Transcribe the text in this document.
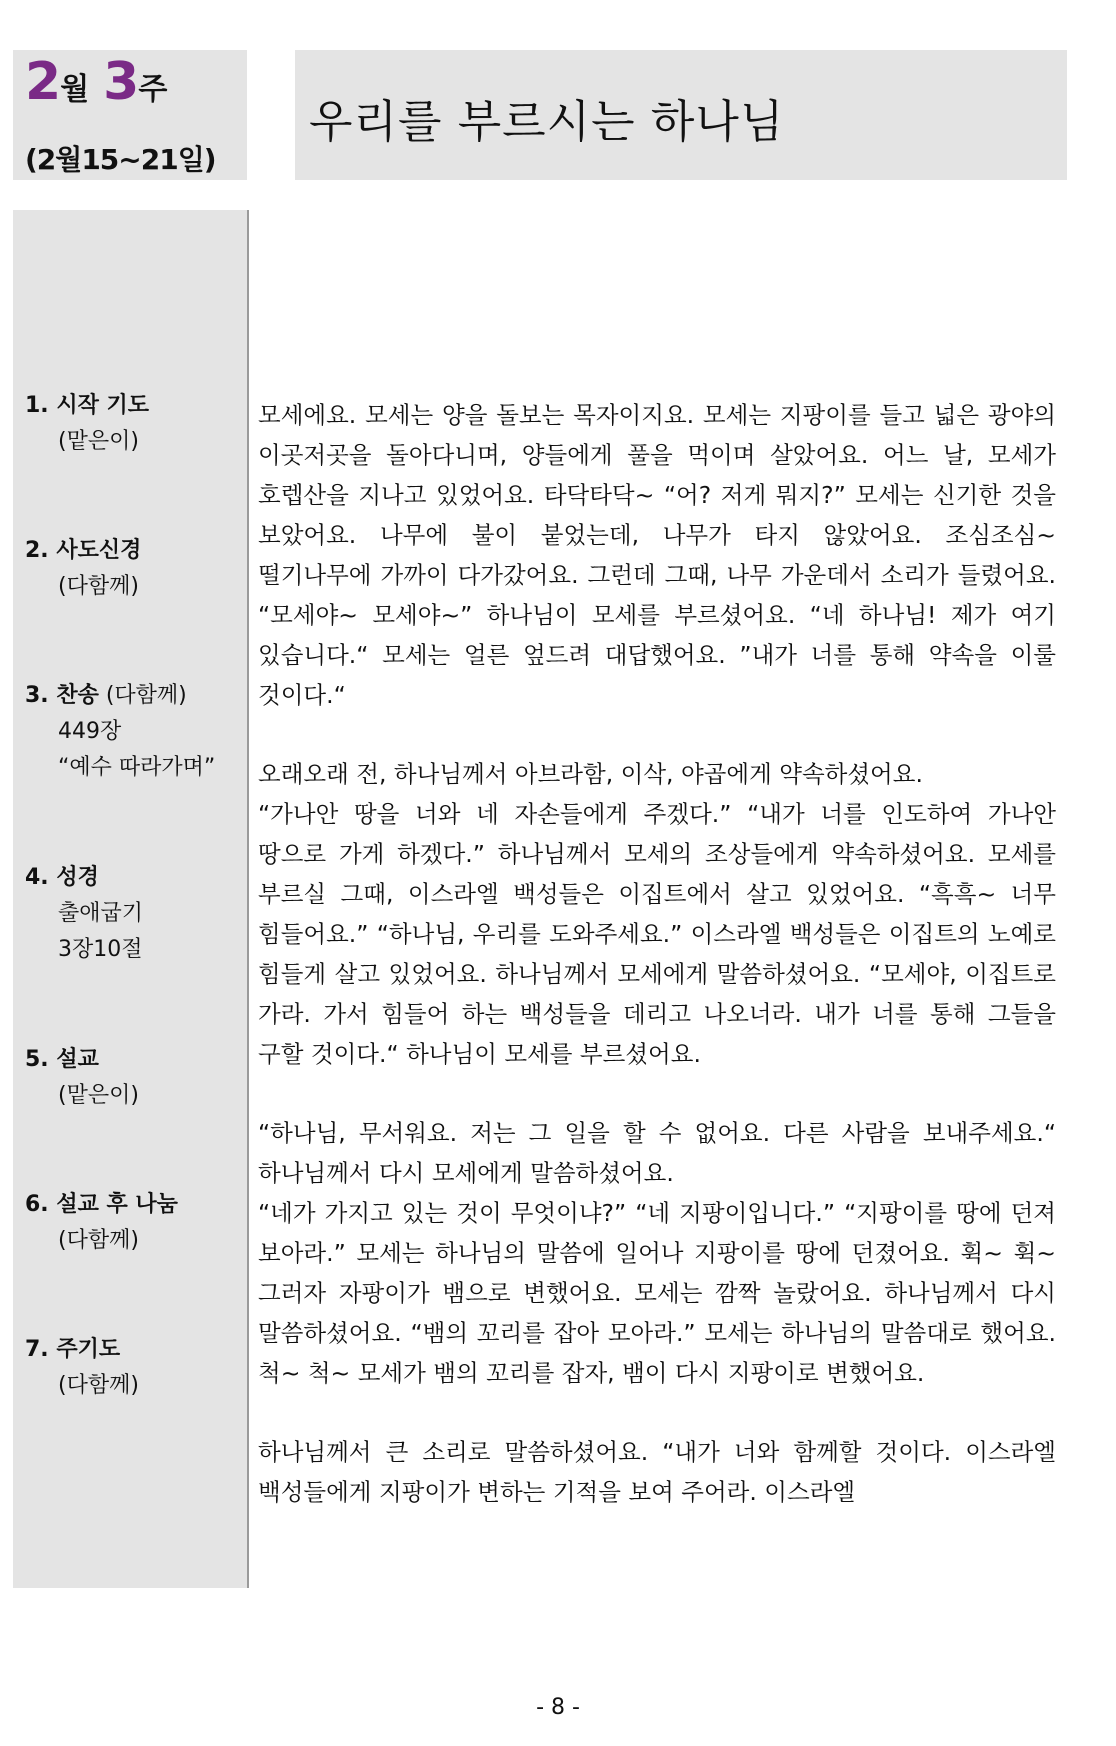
2월 3주
(2월15~21일)
우리를 부르시는 하나님
1. 시작 기도
(맡은이)
2. 사도신경
(다함께)
3. 찬송 (다함께)
449장
“예수 따라가며”
4. 성경
출애굽기
3장10절
5. 설교
(맡은이)
6. 설교 후 나눔
(다함께)
7. 주기도
(다함께)

모세에요. 모세는 양을 돌보는 목자이지요. 모세는 지팡이를 들고 넓은 광야의 이곳저곳을 돌아다니며, 양들에게 풀을 먹이며 살았어요. 어느 날, 모세가 호렙산을 지나고 있었어요. 타닥타닥~ “어? 저게 뭐지?” 모세는 신기한 것을 보았어요. 나무에 불이 붙었는데, 나무가 타지 않았어요. 조심조심~ 떨기나무에 가까이 다가갔어요. 그런데 그때, 나무 가운데서 소리가 들렸어요. “모세야~ 모세야~” 하나님이 모세를 부르셨어요. “네 하나님! 제가 여기 있습니다.“ 모세는 얼른 엎드려 대답했어요. ”내가 너를 통해 약속을 이룰 것이다.“

오래오래 전, 하나님께서 아브라함, 이삭, 야곱에게 약속하셨어요.

“가나안 땅을 너와 네 자손들에게 주겠다.” “내가 너를 인도하여 가나안 땅으로 가게 하겠다.” 하나님께서 모세의 조상들에게 약속하셨어요. 모세를 부르실 그때, 이스라엘 백성들은 이집트에서 살고 있었어요. “흑흑~ 너무 힘들어요.” “하나님, 우리를 도와주세요.” 이스라엘 백성들은 이집트의 노예로 힘들게 살고 있었어요. 하나님께서 모세에게 말씀하셨어요. “모세야, 이집트로 가라. 가서 힘들어 하는 백성들을 데리고 나오너라. 내가 너를 통해 그들을 구할 것이다.“ 하나님이 모세를 부르셨어요.

“하나님, 무서워요. 저는 그 일을 할 수 없어요. 다른 사람을 보내주세요.“ 하나님께서 다시 모세에게 말씀하셨어요.

“네가 가지고 있는 것이 무엇이냐?” “네 지팡이입니다.” “지팡이를 땅에 던져 보아라.” 모세는 하나님의 말씀에 일어나 지팡이를 땅에 던졌어요. 휙~ 휙~ 그러자 자팡이가 뱀으로 변했어요. 모세는 깜짝 놀랐어요. 하나님께서 다시 말씀하셨어요. “뱀의 꼬리를 잡아 모아라.” 모세는 하나님의 말씀대로 했어요. 척~ 척~ 모세가 뱀의 꼬리를 잡자, 뱀이 다시 지팡이로 변했어요.

하나님께서 큰 소리로 말씀하셨어요. “내가 너와 함께할 것이다. 이스라엘 백성들에게 지팡이가 변하는 기적을 보여 주어라. 이스라엘

- 8 -
